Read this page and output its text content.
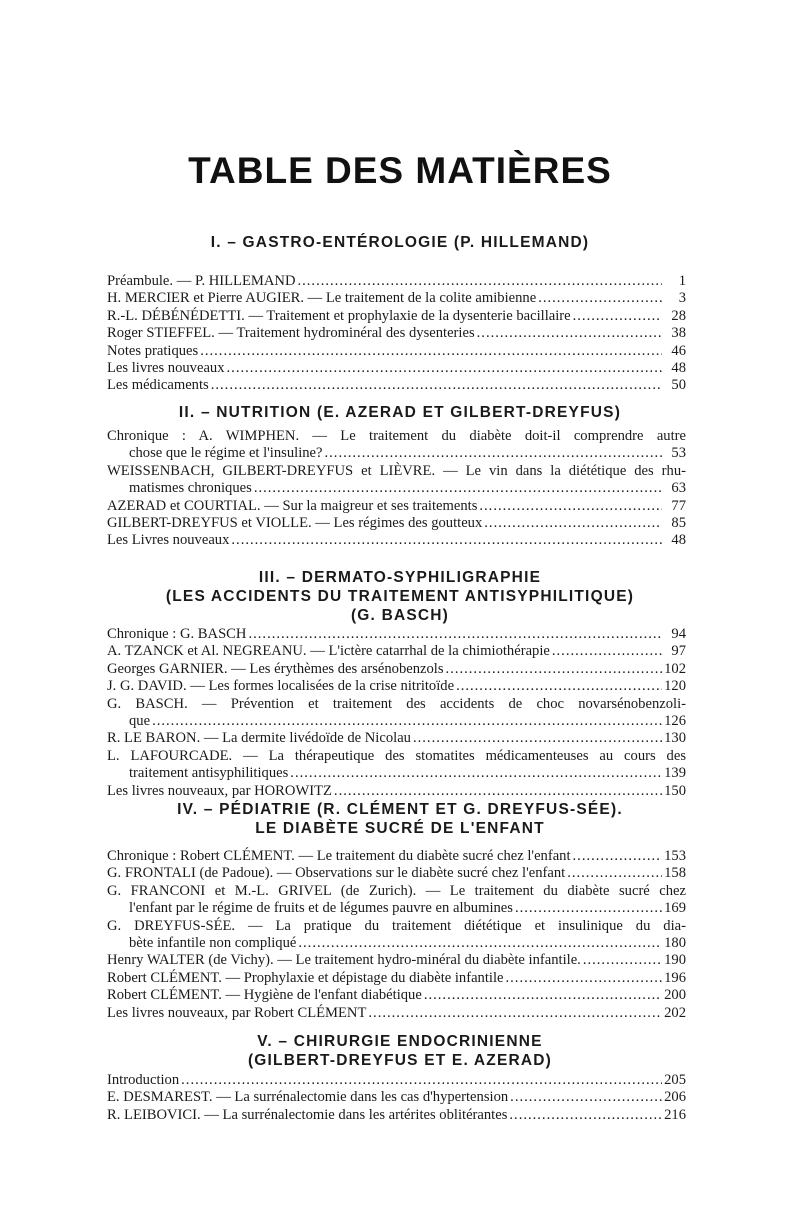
TABLE DES MATIÈRES
I. – GASTRO-ENTÉROLOGIE (P. HILLEMAND)
Préambule. — P. HILLEMAND .....	1
H. MERCIER et Pierre AUGIER. — Le traitement de la colite amibienne .....	3
R.-L. DÉBÉNÉDETTI. — Traitement et prophylaxie de la dysenterie bacillaire .....	28
Roger STIEFFEL. — Traitement hydrominéral des dysenteries .....	38
Notes pratiques .....	46
Les livres nouveaux .....	48
Les médicaments .....	50
II. – NUTRITION (E. AZERAD ET GILBERT-DREYFUS)
Chronique : A. WIMPHEN. — Le traitement du diabète doit-il comprendre autre
chose que le régime et l'insuline? .....	53
WEISSENBACH, GILBERT-DREYFUS et LIÈVRE. — Le vin dans la diététique des rhu-
matismes chroniques .....	63
AZERAD et COURTIAL. — Sur la maigreur et ses traitements .....	77
GILBERT-DREYFUS et VIOLLE. — Les régimes des goutteux .....	85
Les Livres nouveaux .....	48
III. – DERMATO-SYPHILIGRAPHIE
(LES ACCIDENTS DU TRAITEMENT ANTISYPHILITIQUE)
(G. BASCH)
Chronique : G. BASCH .....	94
A. TZANCK et Al. NEGREANU. — L'ictère catarrhal de la chimiothérapie .....	97
Georges GARNIER. — Les érythèmes des arsénobenzols .....	102
J. G. DAVID. — Les formes localisées de la crise nitritoïde .....	120
G. BASCH. — Prévention et traitement des accidents de choc novarsénobenzoli-
que .....	126
R. LE BARON. — La dermite livédoïde de Nicolau .....	130
L. LAFOURCADE. — La thérapeutique des stomatites médicamenteuses au cours des
traitement antisyphilitiques .....	139
Les livres nouveaux, par HOROWITZ .....	150
IV. – PÉDIATRIE (R. CLÉMENT ET G. DREYFUS-SÉE).
LE DIABÈTE SUCRÉ DE L'ENFANT
Chronique : Robert CLÉMENT. — Le traitement du diabète sucré chez l'enfant .....	153
G. FRONTALI (de Padoue). — Observations sur le diabète sucré chez l'enfant .....	158
G. FRANCONI et M.-L. GRIVEL (de Zurich). — Le traitement du diabète sucré chez
l'enfant par le régime de fruits et de légumes pauvre en albumines .....	169
G. DREYFUS-SÉE. — La pratique du traitement diététique et insulinique du dia-
bète infantile non compliqué .....	180
Henry WALTER (de Vichy). — Le traitement hydro-minéral du diabète infantile. .....	190
Robert CLÉMENT. — Prophylaxie et dépistage du diabète infantile .....	196
Robert CLÉMENT. — Hygiène de l'enfant diabétique .....	200
Les livres nouveaux, par Robert CLÉMENT .....	202
V. – CHIRURGIE ENDOCRINIENNE
(GILBERT-DREYFUS ET E. AZERAD)
Introduction .....	205
E. DESMAREST. — La surrénalectomie dans les cas d'hypertension .....	206
R. LEIBOVICI. — La surrénalectomie dans les artérites oblitérantes .....	216
